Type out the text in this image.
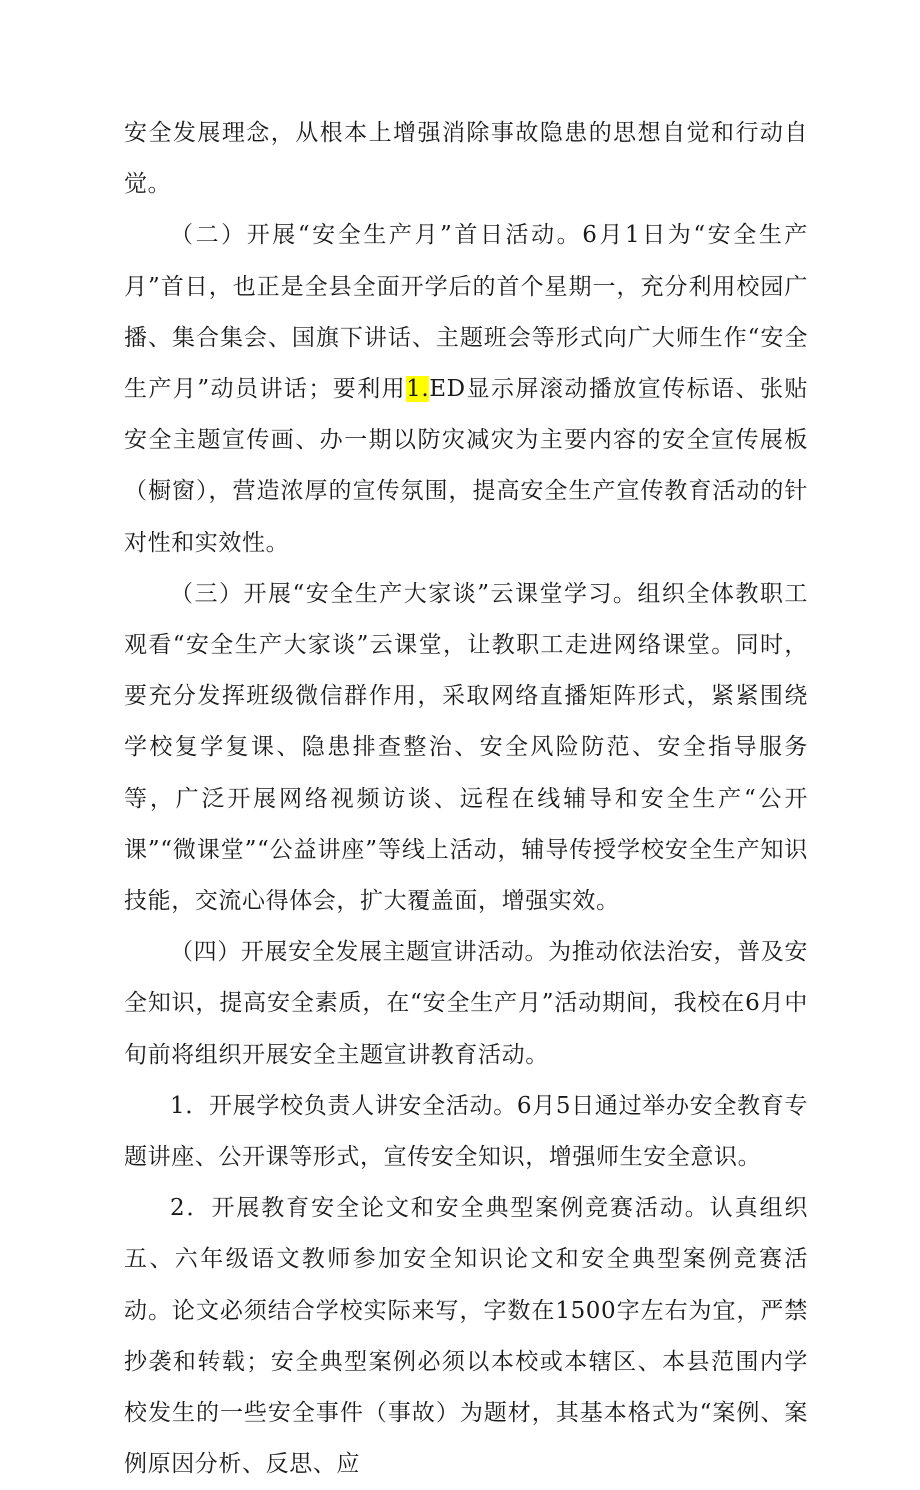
安全发展理念，从根本上增强消除事故隐患的思想自觉和行动自觉。

（二）开展“安全生产月”首日活动。6月1日为“安全生产月”首日，也正是全县全面开学后的首个星期一，充分利用校园广播、集合集会、国旗下讲话、主题班会等形式向广大师生作“安全生产月”动员讲话；要利用1.ED显示屏滚动播放宣传标语、张贴安全主题宣传画、办一期以防灾减灾为主要内容的安全宣传展板（橱窗），营造浓厚的宣传氛围，提高安全生产宣传教育活动的针对性和实效性。

（三）开展“安全生产大家谈”云课堂学习。组织全体教职工观看“安全生产大家谈”云课堂，让教职工走进网络课堂。同时，要充分发挥班级微信群作用，采取网络直播矩阵形式，紧紧围绕学校复学复课、隐患排查整治、安全风险防范、安全指导服务等，广泛开展网络视频访谈、远程在线辅导和安全生产“公开课”“微课堂”“公益讲座”等线上活动，辅导传授学校安全生产知识技能，交流心得体会，扩大覆盖面，增强实效。

（四）开展安全发展主题宣讲活动。为推动依法治安，普及安全知识，提高安全素质，在“安全生产月”活动期间，我校在6月中旬前将组织开展安全主题宣讲教育活动。

1．开展学校负责人讲安全活动。6月5日通过举办安全教育专题讲座、公开课等形式，宣传安全知识，增强师生安全意识。

2．开展教育安全论文和安全典型案例竞赛活动。认真组织五、六年级语文教师参加安全知识论文和安全典型案例竞赛活动。论文必须结合学校实际来写，字数在1500字左右为宜，严禁抄袭和转载；安全典型案例必须以本校或本辖区、本县范围内学校发生的一些安全事件（事故）为题材，其基本格式为“案例、案例原因分析、反思、应
